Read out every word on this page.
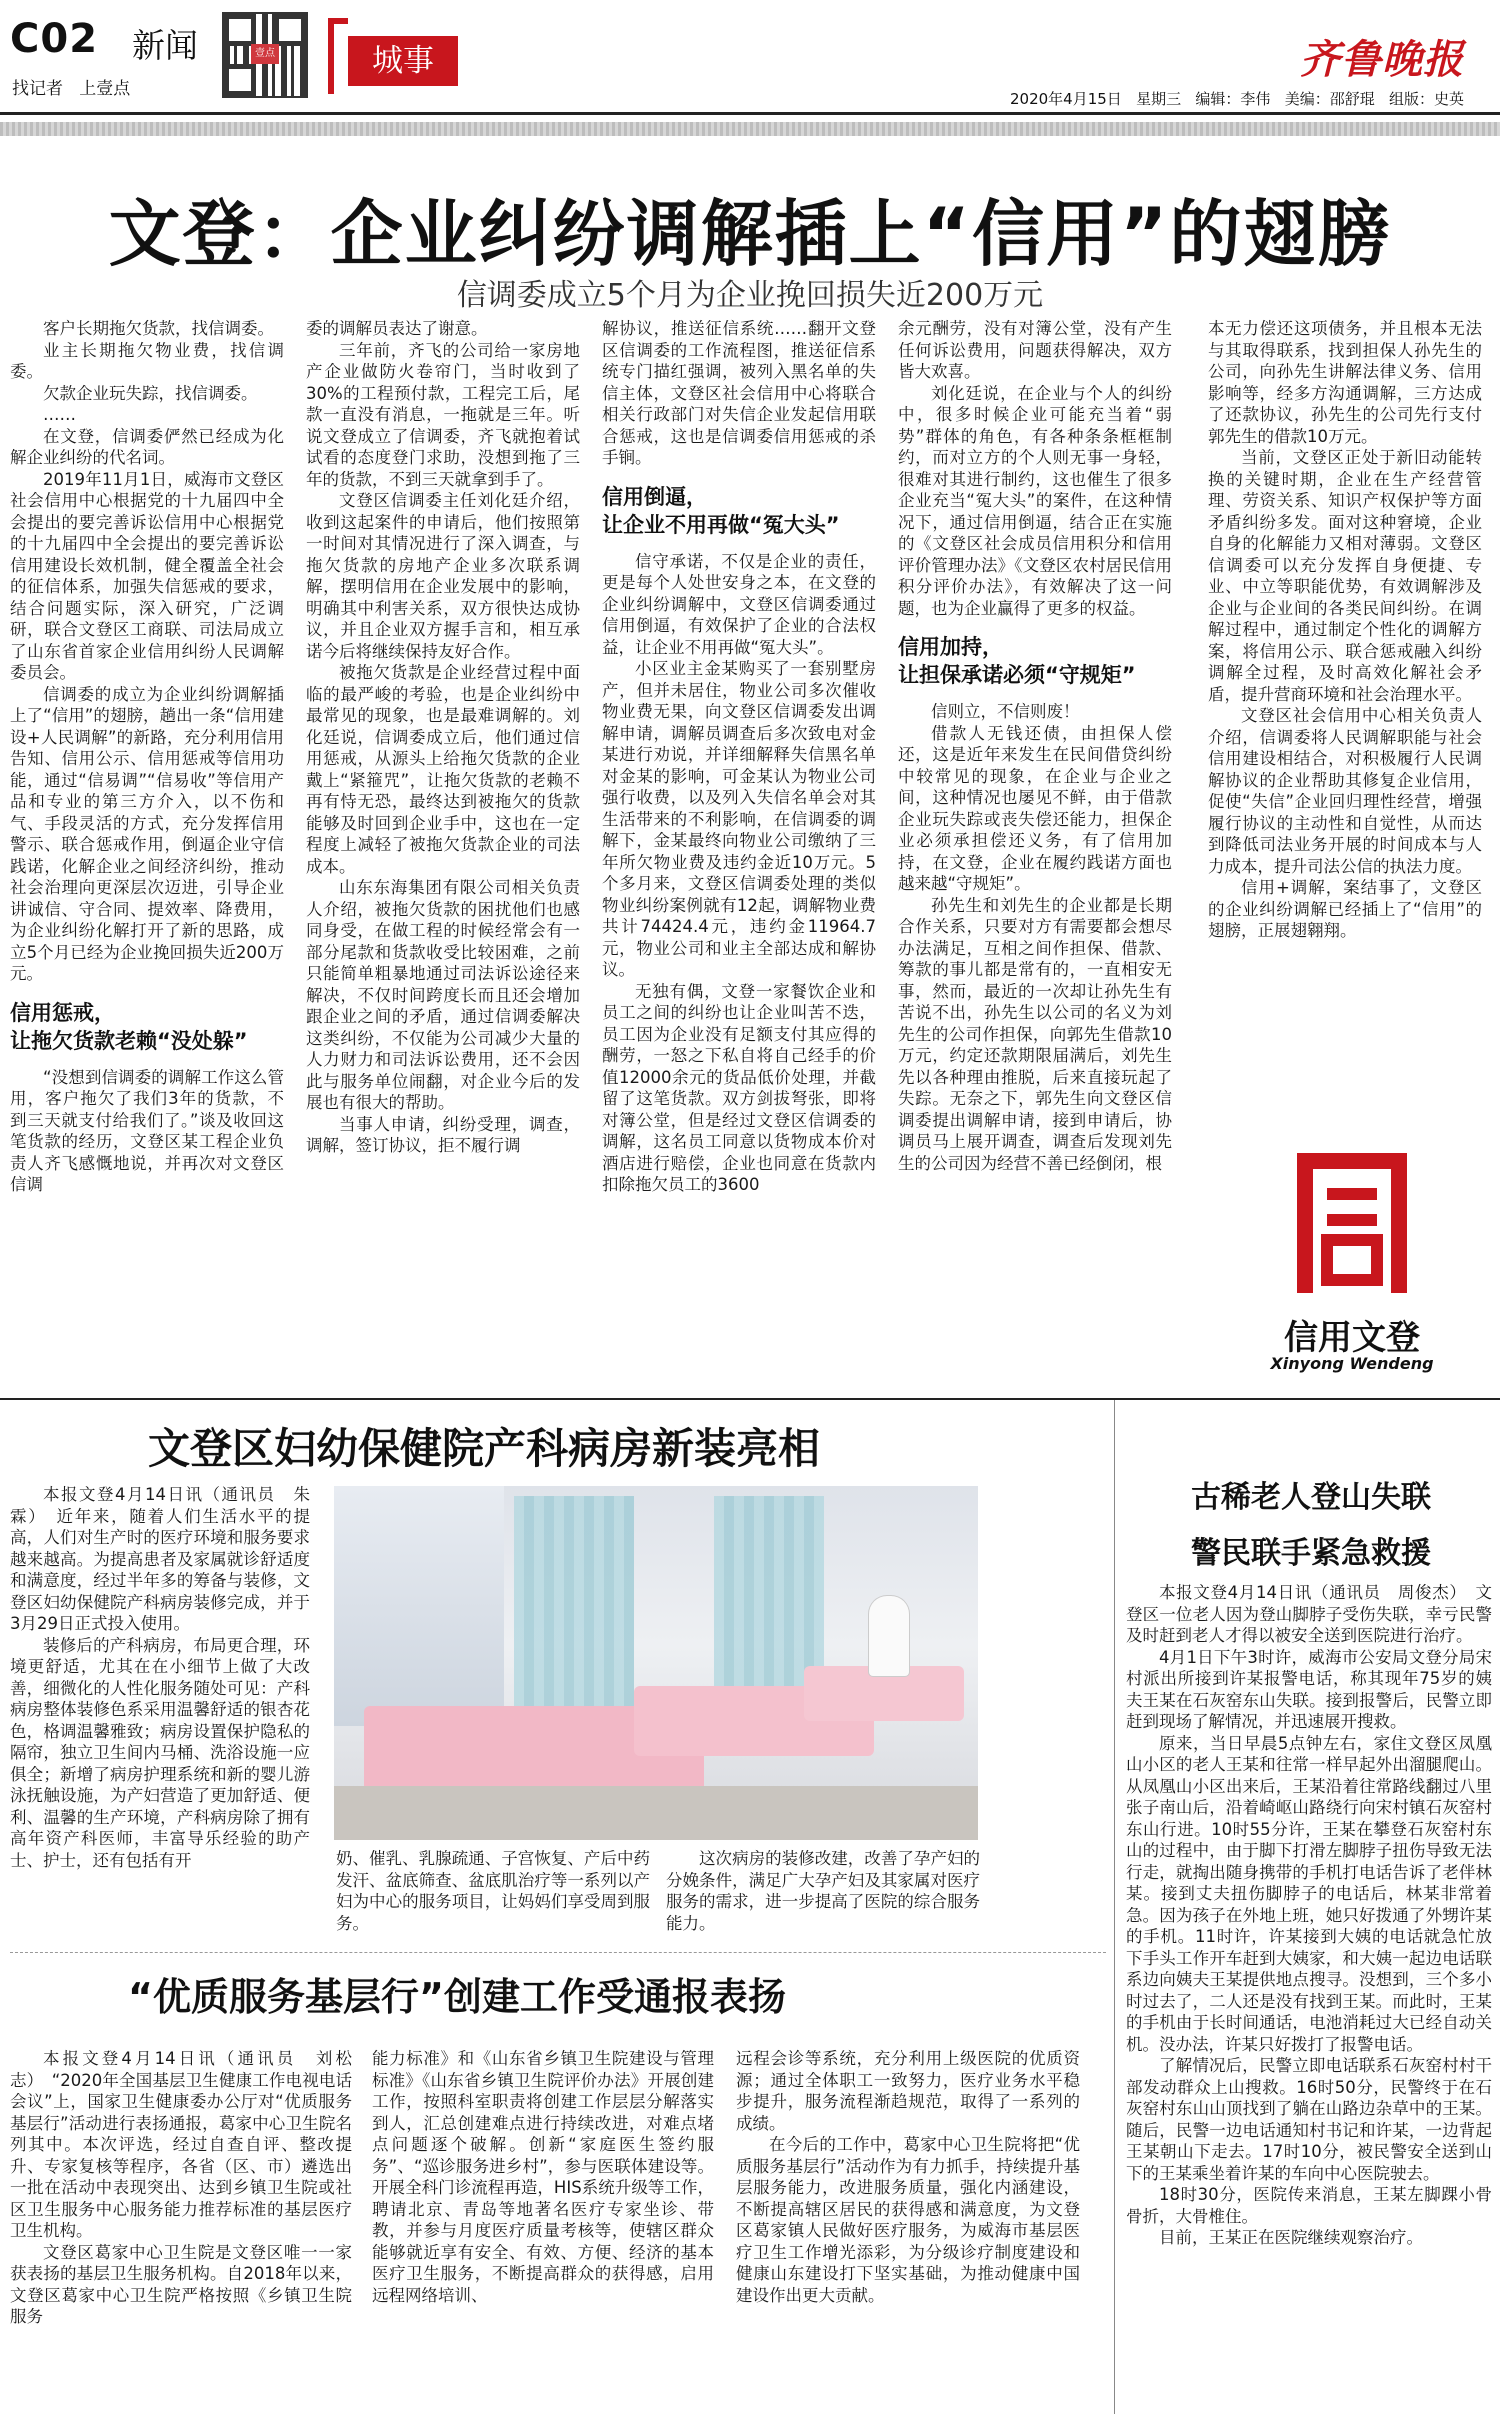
C02 新闻
找记者   上壹点
壹点	城事	齐鲁晚报
2020年4月15日   星期三   编辑：李伟   美编：邵舒琨   组版：史英
文登：企业纠纷调解插上“信用”的翅膀
信调委成立5个月为企业挽回损失近200万元

客户长期拖欠货款，找信调委。

业主长期拖欠物业费，找信调委。

欠款企业玩失踪，找信调委。

……

在文登，信调委俨然已经成为化解企业纠纷的代名词。

2019年11月1日，威海市文登区社会信用中心根据党的十九届四中全会提出的要完善诉讼信用中心根据党的十九届四中全会提出的要完善诉讼信用建设长效机制，健全覆盖全社会的征信体系，加强失信惩戒的要求，结合问题实际，深入研究，广泛调研，联合文登区工商联、司法局成立了山东省首家企业信用纠纷人民调解委员会。

信调委的成立为企业纠纷调解插上了“信用”的翅膀，趟出一条“信用建设+人民调解”的新路，充分利用信用告知、信用公示、信用惩戒等信用功能，通过“信易调”“信易收”等信用产品和专业的第三方介入，以不伤和气、手段灵活的方式，充分发挥信用警示、联合惩戒作用，倒逼企业守信践诺，化解企业之间经济纠纷，推动社会治理向更深层次迈进，引导企业讲诚信、守合同、提效率、降费用，为企业纠纷化解打开了新的思路，成立5个月已经为企业挽回损失近200万元。

信用惩戒，
让拖欠货款老赖“没处躲”

“没想到信调委的调解工作这么管用，客户拖欠了我们3年的货款，不到三天就支付给我们了。”谈及收回这笔货款的经历，文登区某工程企业负责人齐飞感慨地说，并再次对文登区信调

委的调解员表达了谢意。

三年前，齐飞的公司给一家房地产企业做防火卷帘门，当时收到了30%的工程预付款，工程完工后，尾款一直没有消息，一拖就是三年。听说文登成立了信调委，齐飞就抱着试试看的态度登门求助，没想到拖了三年的货款，不到三天就拿到手了。

文登区信调委主任刘化廷介绍，收到这起案件的申请后，他们按照第一时间对其情况进行了深入调查，与拖欠货款的房地产企业多次联系调解，摆明信用在企业发展中的影响，明确其中利害关系，双方很快达成协议，并且企业双方握手言和，相互承诺今后将继续保持友好合作。

被拖欠货款是企业经营过程中面临的最严峻的考验，也是企业纠纷中最常见的现象，也是最难调解的。刘化廷说，信调委成立后，他们通过信用惩戒，从源头上给拖欠货款的企业戴上“紧箍咒”，让拖欠货款的老赖不再有恃无恐，最终达到被拖欠的货款能够及时回到企业手中，这也在一定程度上减轻了被拖欠货款企业的司法成本。

山东东海集团有限公司相关负责人介绍，被拖欠货款的困扰他们也感同身受，在做工程的时候经常会有一部分尾款和货款收受比较困难，之前只能简单粗暴地通过司法诉讼途径来解决，不仅时间跨度长而且还会增加跟企业之间的矛盾，通过信调委解决这类纠纷，不仅能为公司减少大量的人力财力和司法诉讼费用，还不会因此与服务单位闹翻，对企业今后的发展也有很大的帮助。

当事人申请，纠纷受理，调查，调解，签订协议，拒不履行调

解协议，推送征信系统……翻开文登区信调委的工作流程图，推送征信系统专门描红强调，被列入黑名单的失信主体，文登区社会信用中心将联合相关行政部门对失信企业发起信用联合惩戒，这也是信调委信用惩戒的杀手锏。

信用倒逼，
让企业不用再做“冤大头”

信守承诺，不仅是企业的责任，更是每个人处世安身之本，在文登的企业纠纷调解中，文登区信调委通过信用倒逼，有效保护了企业的合法权益，让企业不用再做“冤大头”。

小区业主金某购买了一套别墅房产，但并未居住，物业公司多次催收物业费无果，向文登区信调委发出调解申请，调解员调查后多次致电对金某进行劝说，并详细解释失信黑名单对金某的影响，可金某认为物业公司强行收费，以及列入失信名单会对其生活带来的不利影响，在信调委的调解下，金某最终向物业公司缴纳了三年所欠物业费及违约金近10万元。5个多月来，文登区信调委处理的类似物业纠纷案例就有12起，调解物业费共计74424.4元，违约金11964.7元，物业公司和业主全部达成和解协议。

无独有偶，文登一家餐饮企业和员工之间的纠纷也让企业叫苦不迭，员工因为企业没有足额支付其应得的酬劳，一怒之下私自将自己经手的价值12000余元的货品低价处理，并截留了这笔货款。双方剑拔弩张，即将对簿公堂，但是经过文登区信调委的调解，这名员工同意以货物成本价对酒店进行赔偿，企业也同意在货款内扣除拖欠员工的3600

余元酬劳，没有对簿公堂，没有产生任何诉讼费用，问题获得解决，双方皆大欢喜。

刘化廷说，在企业与个人的纠纷中，很多时候企业可能充当着“弱势”群体的角色，有各种条条框框制约，而对立方的个人则无事一身轻，很难对其进行制约，这也催生了很多企业充当“冤大头”的案件，在这种情况下，通过信用倒逼，结合正在实施的《文登区社会成员信用积分和信用评价管理办法》《文登区农村居民信用积分评价办法》，有效解决了这一问题，也为企业赢得了更多的权益。

信用加持，
让担保承诺必须“守规矩”

信则立，不信则废！

借款人无钱还债，由担保人偿还，这是近年来发生在民间借贷纠纷中较常见的现象，在企业与企业之间，这种情况也屡见不鲜，由于借款企业玩失踪或丧失偿还能力，担保企业必须承担偿还义务，有了信用加持，在文登，企业在履约践诺方面也越来越“守规矩”。

孙先生和刘先生的企业都是长期合作关系，只要对方有需要都会想尽办法满足，互相之间作担保、借款、筹款的事儿都是常有的，一直相安无事，然而，最近的一次却让孙先生有苦说不出，孙先生以公司的名义为刘先生的公司作担保，向郭先生借款10万元，约定还款期限届满后，刘先生先以各种理由推脱，后来直接玩起了失踪。无奈之下，郭先生向文登区信调委提出调解申请，接到申请后，协调员马上展开调查，调查后发现刘先生的公司因为经营不善已经倒闭，根

本无力偿还这项债务，并且根本无法与其取得联系，找到担保人孙先生的公司，向孙先生讲解法律义务、信用影响等，经多方沟通调解，三方达成了还款协议，孙先生的公司先行支付郭先生的借款10万元。

当前，文登区正处于新旧动能转换的关键时期，企业在生产经营管理、劳资关系、知识产权保护等方面矛盾纠纷多发。面对这种窘境，企业自身的化解能力又相对薄弱。文登区信调委可以充分发挥自身便捷、专业、中立等职能优势，有效调解涉及企业与企业间的各类民间纠纷。在调解过程中，通过制定个性化的调解方案，将信用公示、联合惩戒融入纠纷调解全过程，及时高效化解社会矛盾，提升营商环境和社会治理水平。

文登区社会信用中心相关负责人介绍，信调委将人民调解职能与社会信用建设相结合，对积极履行人民调解协议的企业帮助其修复企业信用，促使“失信”企业回归理性经营，增强履行协议的主动性和自觉性，从而达到降低司法业务开展的时间成本与人力成本，提升司法公信的执法力度。

信用+调解，案结事了，文登区的企业纠纷调解已经插上了“信用”的翅膀，正展翅翱翔。

信用文登
Xinyong Wendeng
文登区妇幼保健院产科病房新装亮相

本报文登4月14日讯（通讯员　朱霖）　近年来，随着人们生活水平的提高，人们对生产时的医疗环境和服务要求越来越高。为提高患者及家属就诊舒适度和满意度，经过半年多的筹备与装修，文登区妇幼保健院产科病房装修完成，并于3月29日正式投入使用。

装修后的产科病房，布局更合理，环境更舒适，尤其在在小细节上做了大改善，细微化的人性化服务随处可见：产科病房整体装修色系采用温馨舒适的银杏花色，格调温馨雅致；病房设置保护隐私的隔帘，独立卫生间内马桶、洗浴设施一应俱全；新增了病房护理系统和新的婴儿游泳抚触设施，为产妇营造了更加舒适、便利、温馨的生产环境，产科病房除了拥有高年资产科医师，丰富导乐经验的助产士、护士，还有包括有开	奶、催乳、乳腺疏通、子宫恢复、产后中药发汗、盆底筛查、盆底肌治疗等一系列以产妇为中心的服务项目，让妈妈们享受周到服务。

这次病房的装修改建，改善了孕产妇的分娩条件，满足广大孕产妇及其家属对医疗服务的需求，进一步提高了医院的综合服务能力。

古稀老人登山失联
警民联手紧急救援

本报文登4月14日讯（通讯员　周俊杰）　文登区一位老人因为登山脚脖子受伤失联，幸亏民警及时赶到老人才得以被安全送到医院进行治疗。

4月1日下午3时许，威海市公安局文登分局宋村派出所接到许某报警电话，称其现年75岁的姨夫王某在石灰窑东山失联。接到报警后，民警立即赶到现场了解情况，并迅速展开搜救。

原来，当日早晨5点钟左右，家住文登区凤凰山小区的老人王某和往常一样早起外出溜腿爬山。从凤凰山小区出来后，王某沿着往常路线翻过八里张子南山后，沿着崎岖山路绕行向宋村镇石灰窑村东山行进。10时55分许，王某在攀登石灰窑村东山的过程中，由于脚下打滑左脚脖子扭伤导致无法行走，就掏出随身携带的手机打电话告诉了老伴林某。接到丈夫扭伤脚脖子的电话后，林某非常着急。因为孩子在外地上班，她只好拨通了外甥许某的手机。11时许，许某接到大姨的电话就急忙放下手头工作开车赶到大姨家，和大姨一起边电话联系边向姨夫王某提供地点搜寻。没想到，三个多小时过去了，二人还是没有找到王某。而此时，王某的手机由于长时间通话，电池消耗过大已经自动关机。没办法，许某只好拨打了报警电话。

了解情况后，民警立即电话联系石灰窑村村干部发动群众上山搜救。16时50分，民警终于在石灰窑村东山山顶找到了躺在山路边杂草中的王某。随后，民警一边电话通知村书记和许某，一边背起王某朝山下走去。17时10分，被民警安全送到山下的王某乘坐着许某的车向中心医院驶去。

18时30分，医院传来消息，王某左脚踝小骨骨折，大骨椎住。

目前，王某正在医院继续观察治疗。

“优质服务基层行”创建工作受通报表扬

本报文登4月14日讯（通讯员　刘松志）　“2020年全国基层卫生健康工作电视电话会议”上，国家卫生健康委办公厅对“优质服务基层行”活动进行表扬通报，葛家中心卫生院名列其中。本次评选，经过自查自评、整改提升、专家复核等程序，各省（区、市）遴选出一批在活动中表现突出、达到乡镇卫生院或社区卫生服务中心服务能力推荐标准的基层医疗卫生机构。

文登区葛家中心卫生院是文登区唯一一家获表扬的基层卫生服务机构。自2018年以来，文登区葛家中心卫生院严格按照《乡镇卫生院服务

能力标准》和《山东省乡镇卫生院建设与管理标准》《山东省乡镇卫生院评价办法》开展创建工作，按照科室职责将创建工作层层分解落实到人，汇总创建难点进行持续改进，对难点堵点问题逐个破解。创新“家庭医生签约服务”、“巡诊服务进乡村”，参与医联体建设等。开展全科门诊流程再造，HIS系统升级等工作，聘请北京、青岛等地著名医疗专家坐诊、带教，并参与月度医疗质量考核等，使辖区群众能够就近享有安全、有效、方便、经济的基本医疗卫生服务，不断提高群众的获得感，启用远程网络培训、

远程会诊等系统，充分利用上级医院的优质资源；通过全体职工一致努力，医疗业务水平稳步提升，服务流程渐趋规范，取得了一系列的成绩。

在今后的工作中，葛家中心卫生院将把“优质服务基层行”活动作为有力抓手，持续提升基层服务能力，改进服务质量，强化内涵建设，不断提高辖区居民的获得感和满意度，为文登区葛家镇人民做好医疗服务，为威海市基层医疗卫生工作增光添彩，为分级诊疗制度建设和健康山东建设打下坚实基础，为推动健康中国建设作出更大贡献。
